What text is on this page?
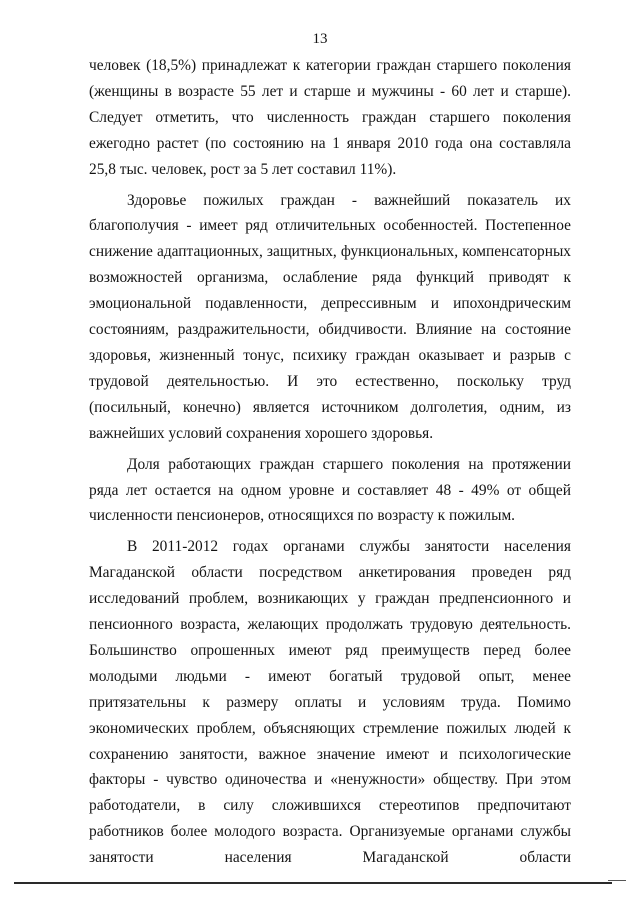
13

человек (18,5%) принадлежат к категории граждан старшего поколения (женщины в возрасте 55 лет и старше и мужчины - 60 лет и старше). Следует отметить, что численность граждан старшего поколения ежегодно растет (по состоянию на 1 января 2010 года она составляла 25,8 тыс. человек, рост за 5 лет составил 11%).

Здоровье пожилых граждан - важнейший показатель их благополучия - имеет ряд отличительных особенностей. Постепенное снижение адаптационных, защитных, функциональных, компенсаторных возможностей организма, ослабление ряда функций приводят к эмоциональной подавленности, депрессивным и ипохондрическим состояниям, раздражительности, обидчивости. Влияние на состояние здоровья, жизненный тонус, психику граждан оказывает и разрыв с трудовой деятельностью. И это естественно, поскольку труд (посильный, конечно) является источником долголетия, одним, из важнейших условий сохранения хорошего здоровья.

Доля работающих граждан старшего поколения на протяжении ряда лет остается на одном уровне и составляет 48 - 49% от общей численности пенсионеров, относящихся по возрасту к пожилым.

В 2011-2012 годах органами службы занятости населения Магаданской области посредством анкетирования проведен ряд исследований проблем, возникающих у граждан предпенсионного и пенсионного возраста, желающих продолжать трудовую деятельность. Большинство опрошенных имеют ряд преимуществ перед более молодыми людьми - имеют богатый трудовой опыт, менее притязательны к размеру оплаты и условиям труда. Помимо экономических проблем, объясняющих стремление пожилых людей к сохранению занятости, важное значение имеют и психологические факторы - чувство одиночества и «ненужности» обществу. При этом работодатели, в силу сложившихся стереотипов предпочитают работников более молодого возраста. Организуемые органами службы занятости населения Магаданской области
